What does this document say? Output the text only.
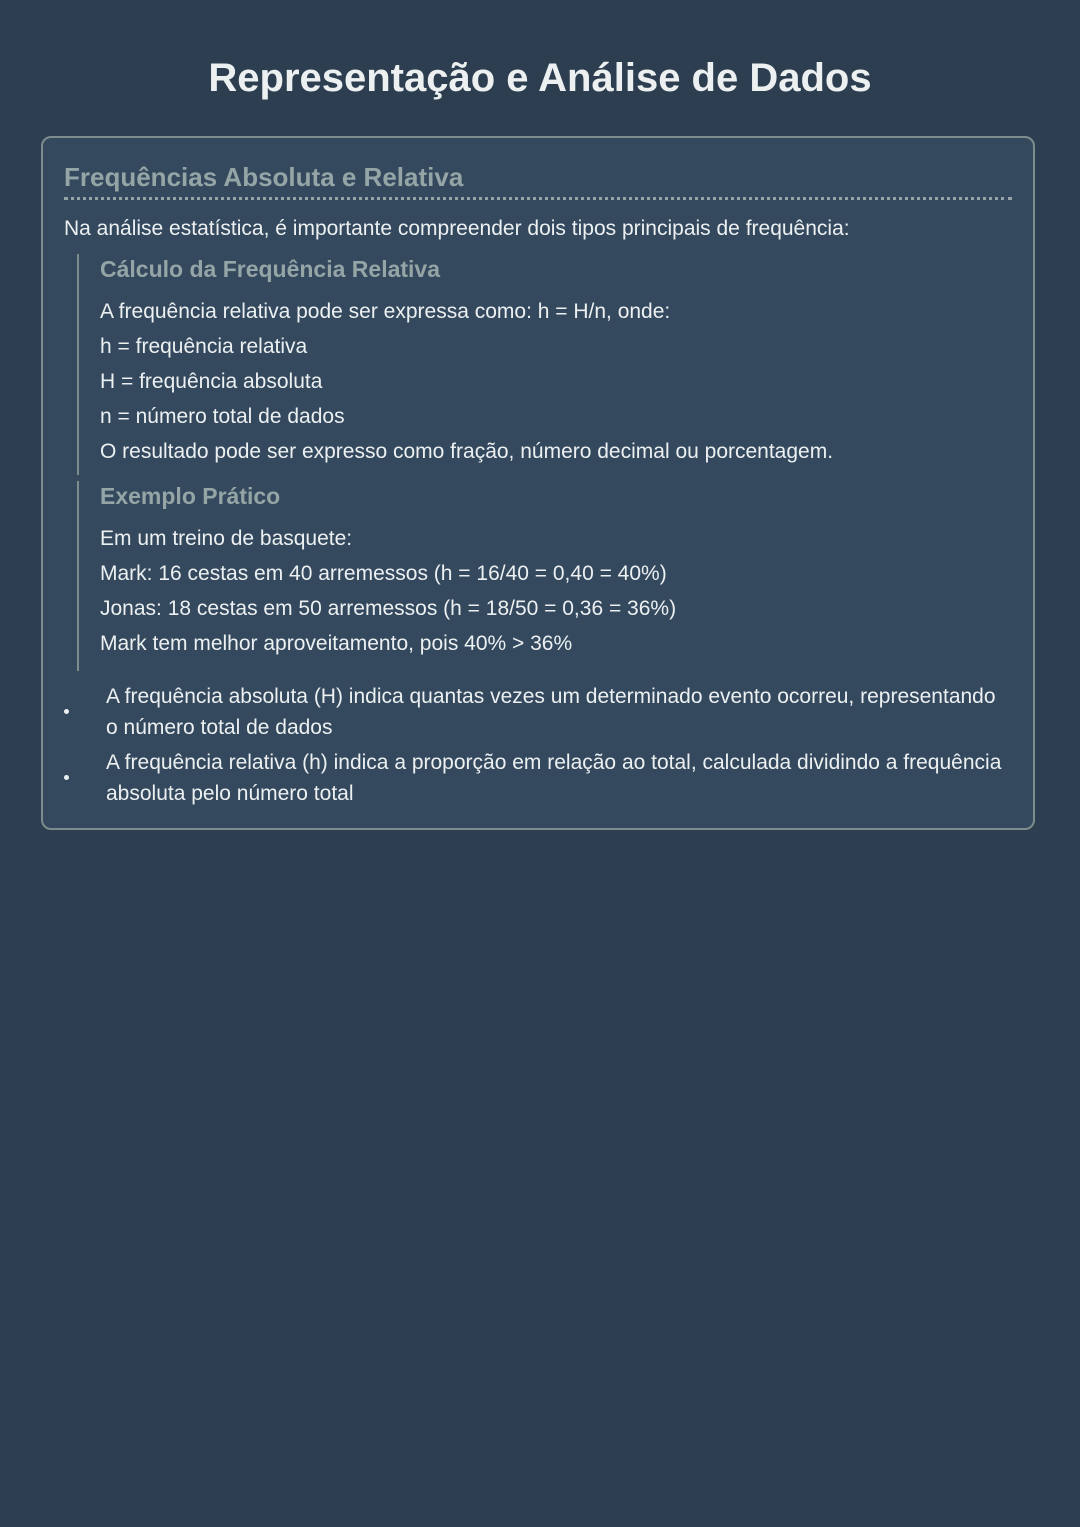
Representação e Análise de Dados
Frequências Absoluta e Relativa

Na análise estatística, é importante compreender dois tipos principais de frequência:

Cálculo da Frequência Relativa

A frequência relativa pode ser expressa como: h = H/n, onde:

h = frequência relativa

H = frequência absoluta

n = número total de dados

O resultado pode ser expresso como fração, número decimal ou porcentagem.

Exemplo Prático

Em um treino de basquete:

Mark: 16 cestas em 40 arremessos (h = 16/40 = 0,40 = 40%)

Jonas: 18 cestas em 50 arremessos (h = 18/50 = 0,36 = 36%)

Mark tem melhor aproveitamento, pois 40% > 36%

A frequência absoluta (H) indica quantas vezes um determinado evento ocorreu, representando o número total de dados
A frequência relativa (h) indica a proporção em relação ao total, calculada dividindo a frequência absoluta pelo número total
